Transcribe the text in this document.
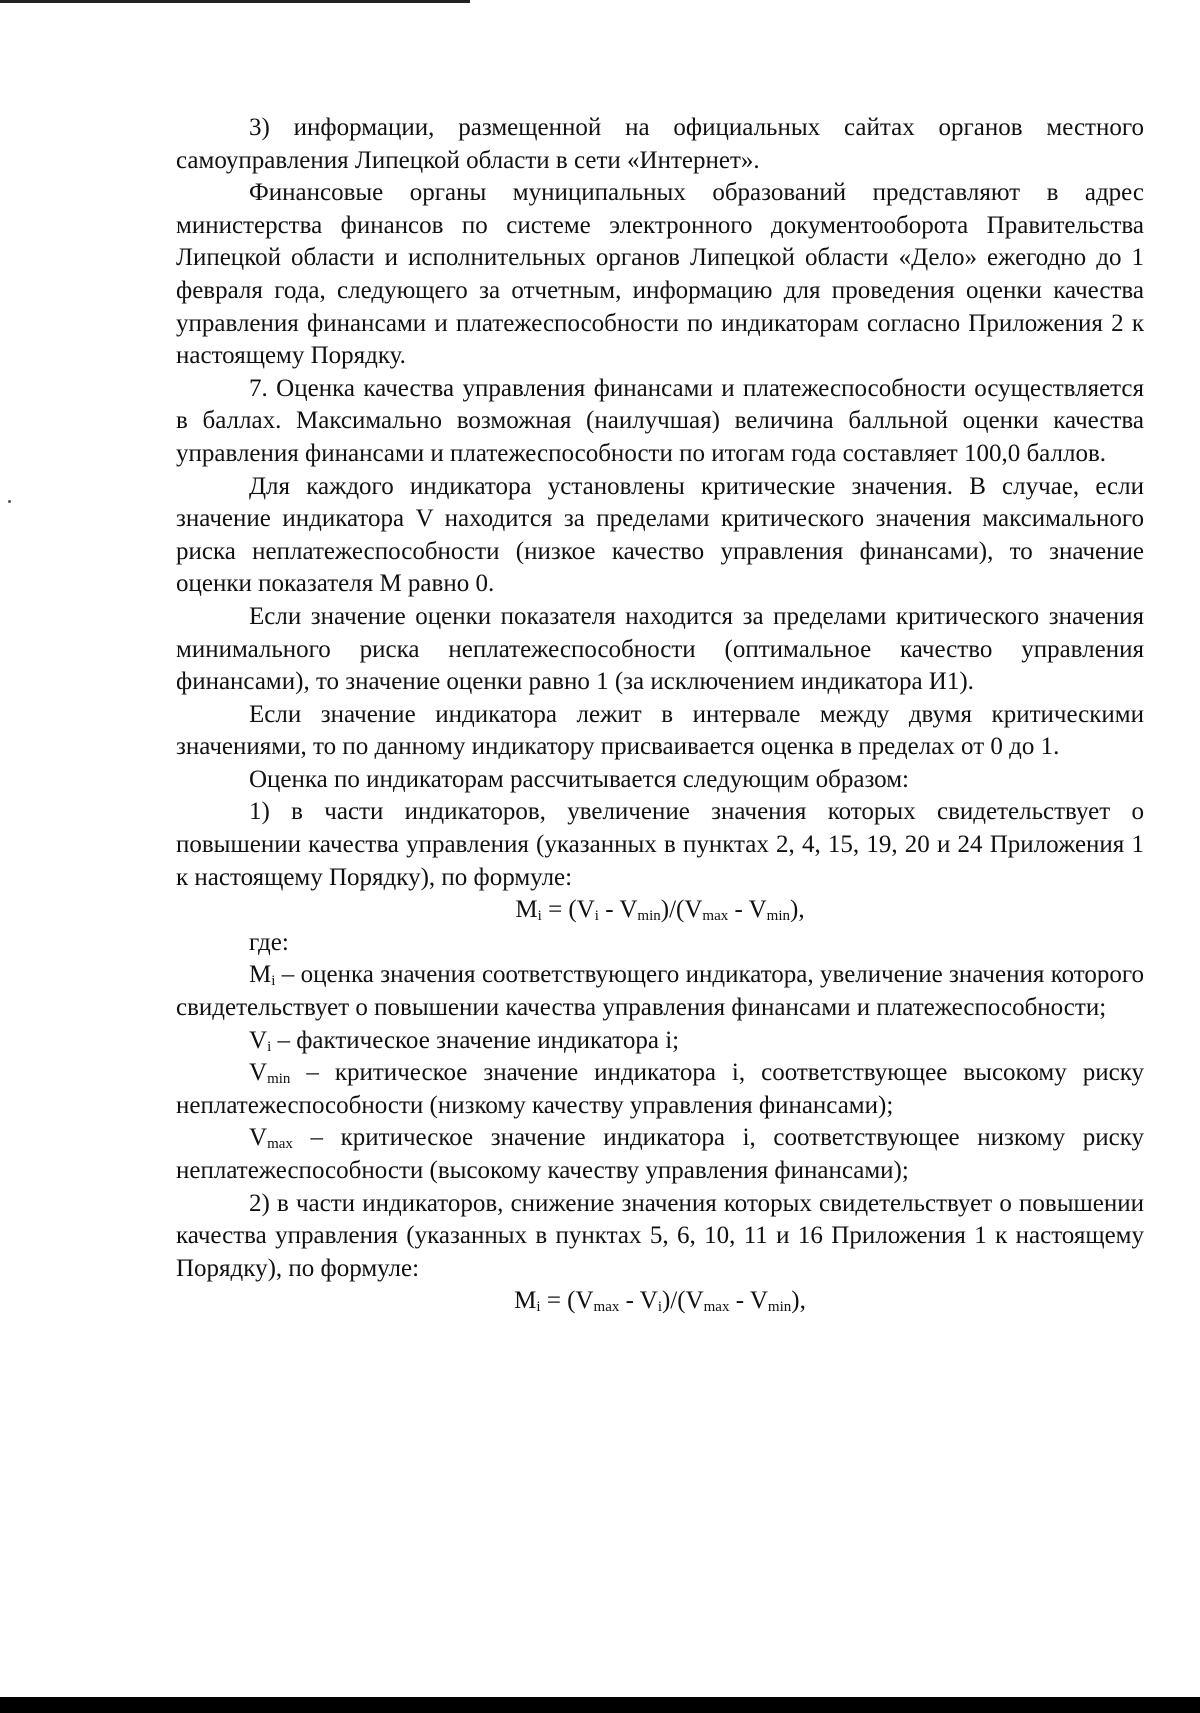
3) информации, размещенной на официальных сайтах органов местного самоуправления Липецкой области в сети «Интернет».

Финансовые органы муниципальных образований представляют в адрес министерства финансов по системе электронного документооборота Правительства Липецкой области и исполнительных органов Липецкой области «Дело» ежегодно до 1 февраля года, следующего за отчетным, информацию для проведения оценки качества управления финансами и платежеспособности по индикаторам согласно Приложения 2 к настоящему Порядку.

7. Оценка качества управления финансами и платежеспособности осуществляется в баллах. Максимально возможная (наилучшая) величина балльной оценки качества управления финансами и платежеспособности по итогам года составляет 100,0 баллов.

Для каждого индикатора установлены критические значения. В случае, если значение индикатора V находится за пределами критического значения максимального риска неплатежеспособности (низкое качество управления финансами), то значение оценки показателя M равно 0.

Если значение оценки показателя находится за пределами критического значения минимального риска неплатежеспособности (оптимальное качество управления финансами), то значение оценки равно 1 (за исключением индикатора И1).

Если значение индикатора лежит в интервале между двумя критическими значениями, то по данному индикатору присваивается оценка в пределах от 0 до 1.

Оценка по индикаторам рассчитывается следующим образом:

1) в части индикаторов, увеличение значения которых свидетельствует о повышении качества управления (указанных в пунктах 2, 4, 15, 19, 20 и 24 Приложения 1 к настоящему Порядку), по формуле:

$M_i = (V_i - V_{min})/(V_{max} - V_{min})$,

где:

$M_i$ – оценка значения соответствующего индикатора, увеличение значения которого свидетельствует о повышении качества управления финансами и платежеспособности;

$V_i$ – фактическое значение индикатора i;

$V_{min}$ – критическое значение индикатора i, соответствующее высокому риску неплатежеспособности (низкому качеству управления финансами);

$V_{max}$ – критическое значение индикатора i, соответствующее низкому риску неплатежеспособности (высокому качеству управления финансами);

2) в части индикаторов, снижение значения которых свидетельствует о повышении качества управления (указанных в пунктах 5, 6, 10, 11 и 16 Приложения 1 к настоящему Порядку), по формуле:

$M_i = (V_{max} - V_i)/(V_{max} - V_{min})$,
